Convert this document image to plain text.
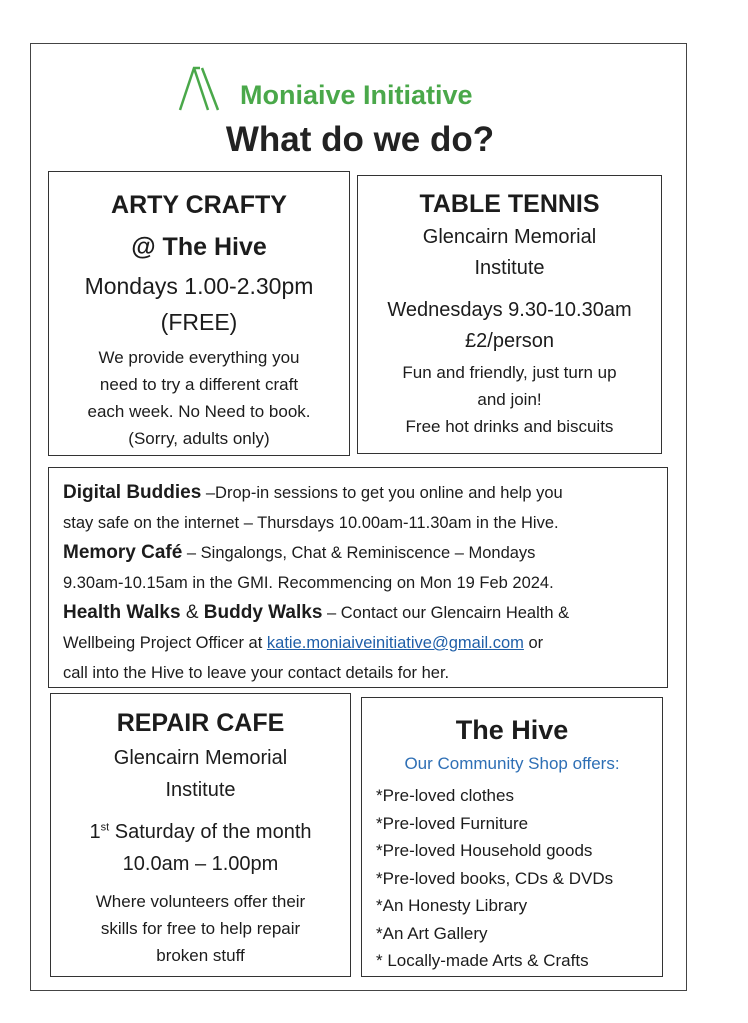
Moniaive Initiative
What do we do?
ARTY CRAFTY
@ The Hive
Mondays 1.00-2.30pm
(FREE)
We provide everything you
need to try a different craft
each week. No Need to book.
(Sorry, adults only)
TABLE TENNIS
Glencairn Memorial
Institute
Wednesdays 9.30-10.30am
£2/person
Fun and friendly, just turn up
and join!
Free hot drinks and biscuits
Digital Buddies –Drop-in sessions to get you online and help you
stay safe on the internet – Thursdays 10.00am-11.30am in the Hive.
Memory Café – Singalongs, Chat & Reminiscence – Mondays
9.30am-10.15am in the GMI. Recommencing on Mon 19 Feb 2024.
Health Walks & Buddy Walks – Contact our Glencairn Health &
Wellbeing Project Officer at katie.moniaiveinitiative@gmail.com or
call into the Hive to leave your contact details for her.
REPAIR CAFE
Glencairn Memorial
Institute
1st Saturday of the month
10.0am – 1.00pm
Where volunteers offer their
skills for free to help repair
broken stuff
The Hive
Our Community Shop offers:
*Pre-loved clothes
*Pre-loved Furniture
*Pre-loved Household goods
*Pre-loved books, CDs & DVDs
*An Honesty Library
*An Art Gallery
* Locally-made Arts & Crafts
